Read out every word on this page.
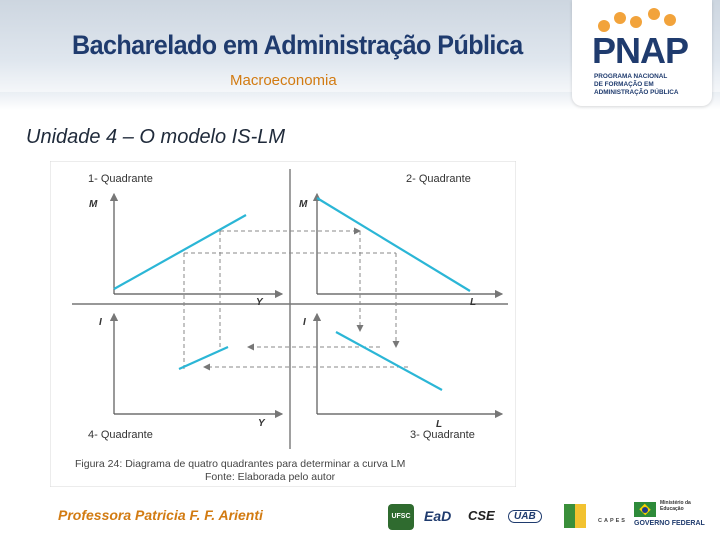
Bacharelado em Administração Pública
Macroeconomia
PNAP
PROGRAMA NACIONAL
DE FORMAÇÃO EM
ADMINISTRAÇÃO PÚBLICA
Unidade 4 – O modelo IS-LM
1- Quadrante	2- Quadrante
3- Quadrante
4- Quadrante
M
Y
M
L
I
L
I
Y
Figura 24: Diagrama de quatro quadrantes para determinar a curva LM
Fonte: Elaborada pelo autor
Professora Patricia F. F. Arienti	UFSC EaD CSE	UAB	CAPES
Ministério da Educação
GOVERNO FEDERAL
